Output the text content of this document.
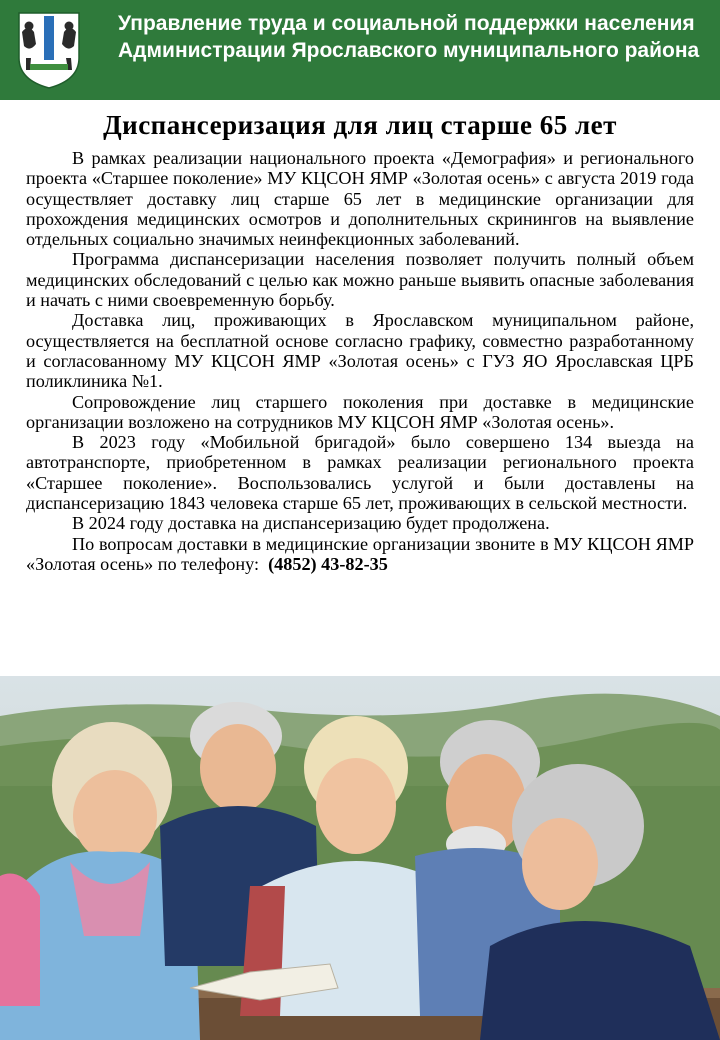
Управление труда и социальной поддержки населения Администрации Ярославского муниципального района
Диспансеризация для лиц старше 65 лет

В рамках реализации национального проекта «Демография» и регионального проекта «Старшее поколение» МУ КЦСОН ЯМР «Золотая осень» с августа 2019 года осуществляет доставку лиц старше 65 лет в медицинские организации для прохождения медицинских осмотров и дополнительных скринингов на выявление отдельных социально значимых неинфекционных заболеваний.

Программа диспансеризации населения позволяет получить полный объем медицинских обследований с целью как можно раньше выявить опасные заболевания и начать с ними своевременную борьбу.

Доставка лиц, проживающих в Ярославском муниципальном районе, осуществляется на бесплатной основе согласно графику, совместно разработанному и согласованному МУ КЦСОН ЯМР «Золотая осень» с ГУЗ ЯО Ярославская ЦРБ поликлиника №1.

Сопровождение лиц старшего поколения при доставке в медицинские организации возложено на сотрудников МУ КЦСОН ЯМР «Золотая осень».

В 2023 году «Мобильной бригадой» было совершено 134 выезда на автотранспорте, приобретенном в рамках реализации регионального проекта «Старшее поколение». Воспользовались услугой и были доставлены на диспансеризацию 1843 человека старше 65 лет, проживающих в сельской местности.

В 2024 году доставка на диспансеризацию будет продолжена.

По вопросам доставки в медицинские организации звоните в МУ КЦСОН ЯМР «Золотая осень» по телефону: (4852) 43-82-35
